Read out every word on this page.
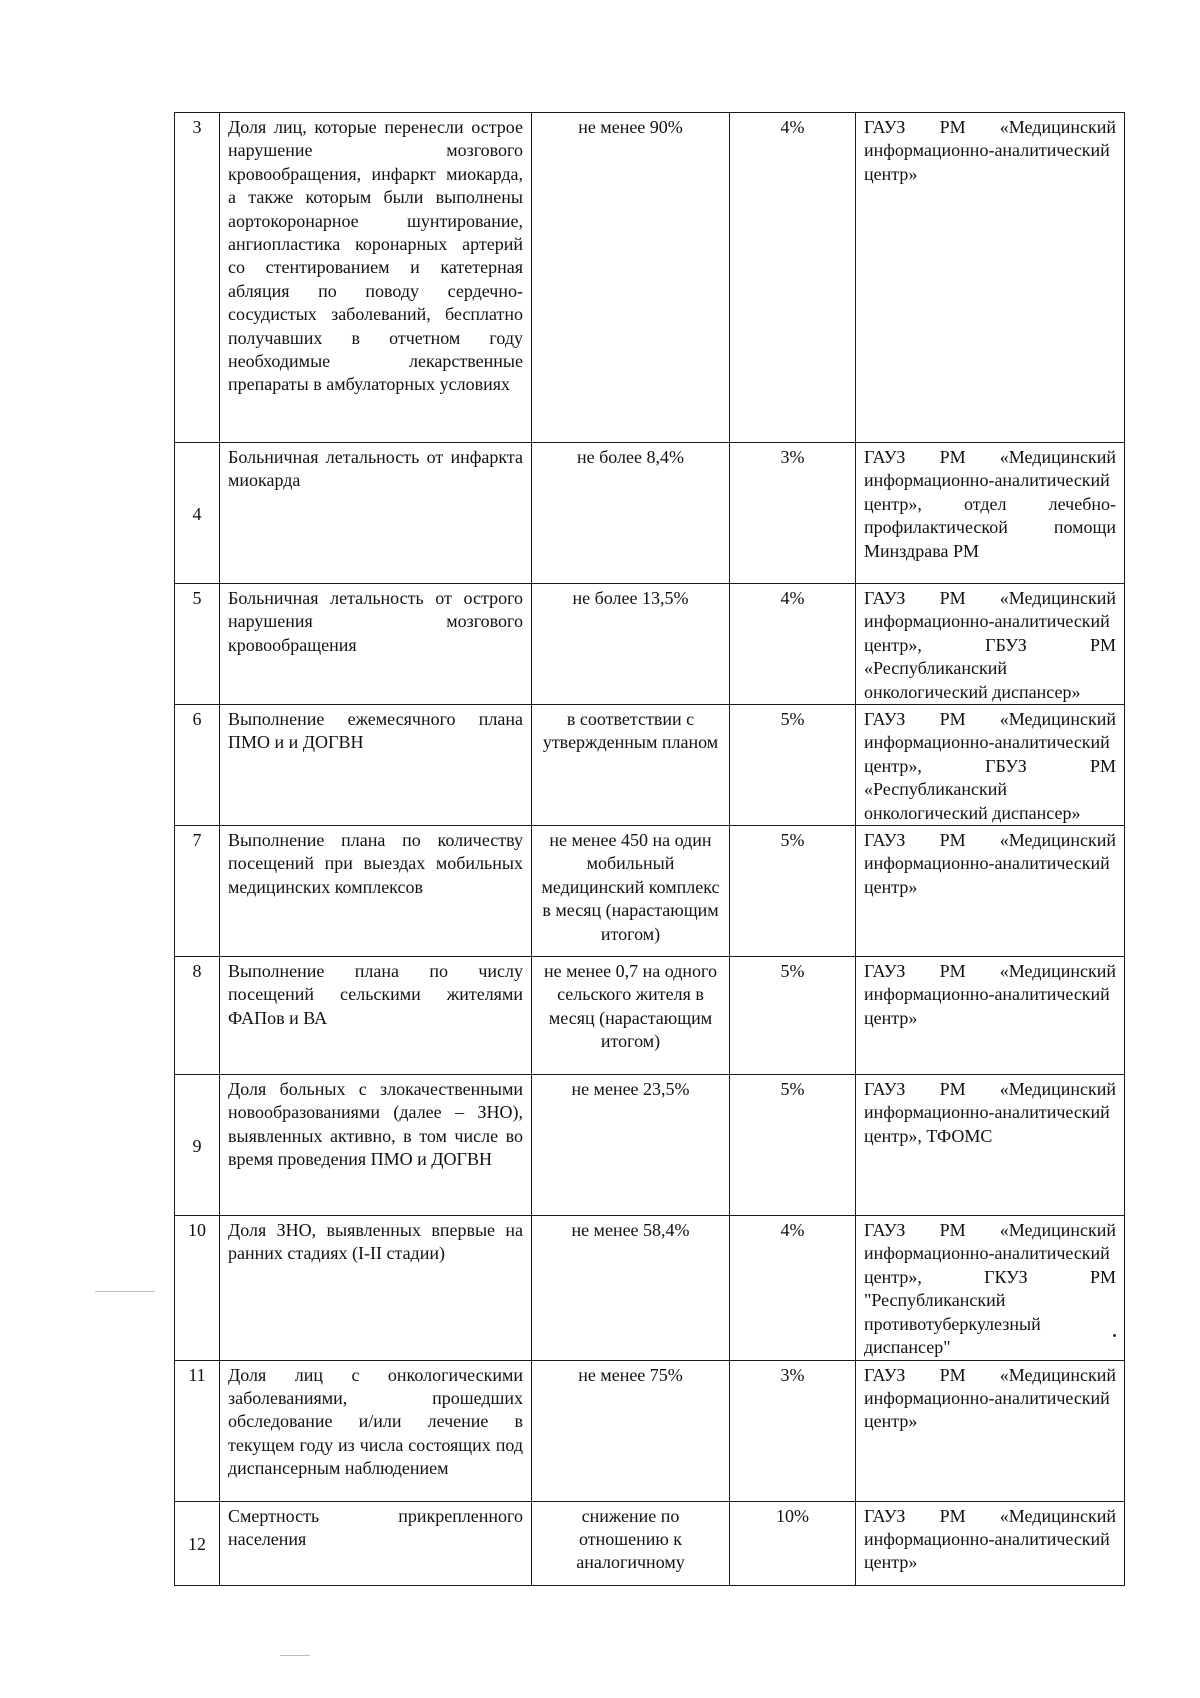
3	Доля лиц, которые перенесли острое нарушение мозгового кровообращения, инфаркт миокарда, а также которым были выполнены аортокоронарное шунтирование, ангиопластика коронарных артерий со стентированием и катетерная абляция по поводу сердечно-сосудистых заболеваний, бесплатно получавших в отчетном году необходимые лекарственные препараты в амбулаторных условиях	не менее 90%	4%	ГАУЗ РМ «Медицинский информационно-аналитический центр»
4	Больничная летальность от инфаркта миокарда	не более 8,4%	3%	ГАУЗ РМ «Медицинский информационно-аналитический центр», отдел лечебно-профилактической помощи Минздрава РМ
5	Больничная летальность от острого нарушения мозгового кровообращения	не более 13,5%	4%	ГАУЗ РМ «Медицинский информационно-аналитический центр», ГБУЗ РМ «Республиканский онкологический диспансер»
6	Выполнение ежемесячного плана ПМО и и ДОГВН	в соответствии с утвержденным планом	5%	ГАУЗ РМ «Медицинский информационно-аналитический центр», ГБУЗ РМ «Республиканский онкологический диспансер»
7	Выполнение плана по количеству посещений при выездах мобильных медицинских комплексов	не менее 450 на один мобильный медицинский комплекс в месяц (нарастающим итогом)	5%	ГАУЗ РМ «Медицинский информационно-аналитический центр»
8	Выполнение плана по числу посещений сельскими жителями ФАПов и ВА	не менее 0,7 на одного сельского жителя в месяц (нарастающим итогом)	5%	ГАУЗ РМ «Медицинский информационно-аналитический центр»
9	Доля больных с злокачественными новообразованиями (далее – ЗНО), выявленных активно, в том числе во время проведения ПМО и ДОГВН	не менее 23,5%	5%	ГАУЗ РМ «Медицинский информационно-аналитический центр», ТФОМС
10	Доля ЗНО, выявленных впервые на ранних стадиях (I-II стадии)	не менее 58,4%	4%	ГАУЗ РМ «Медицинский информационно-аналитический центр», ГКУЗ РМ "Республиканский противотуберкулезный диспансер"
11	Доля лиц с онкологическими заболеваниями, прошедших обследование и/или лечение в текущем году из числа состоящих под диспансерным наблюдением	не менее 75%	3%	ГАУЗ РМ «Медицинский информационно-аналитический центр»
12	Смертность прикрепленного населения	снижение по отношению к аналогичному	10%	ГАУЗ РМ «Медицинский информационно-аналитический центр»
